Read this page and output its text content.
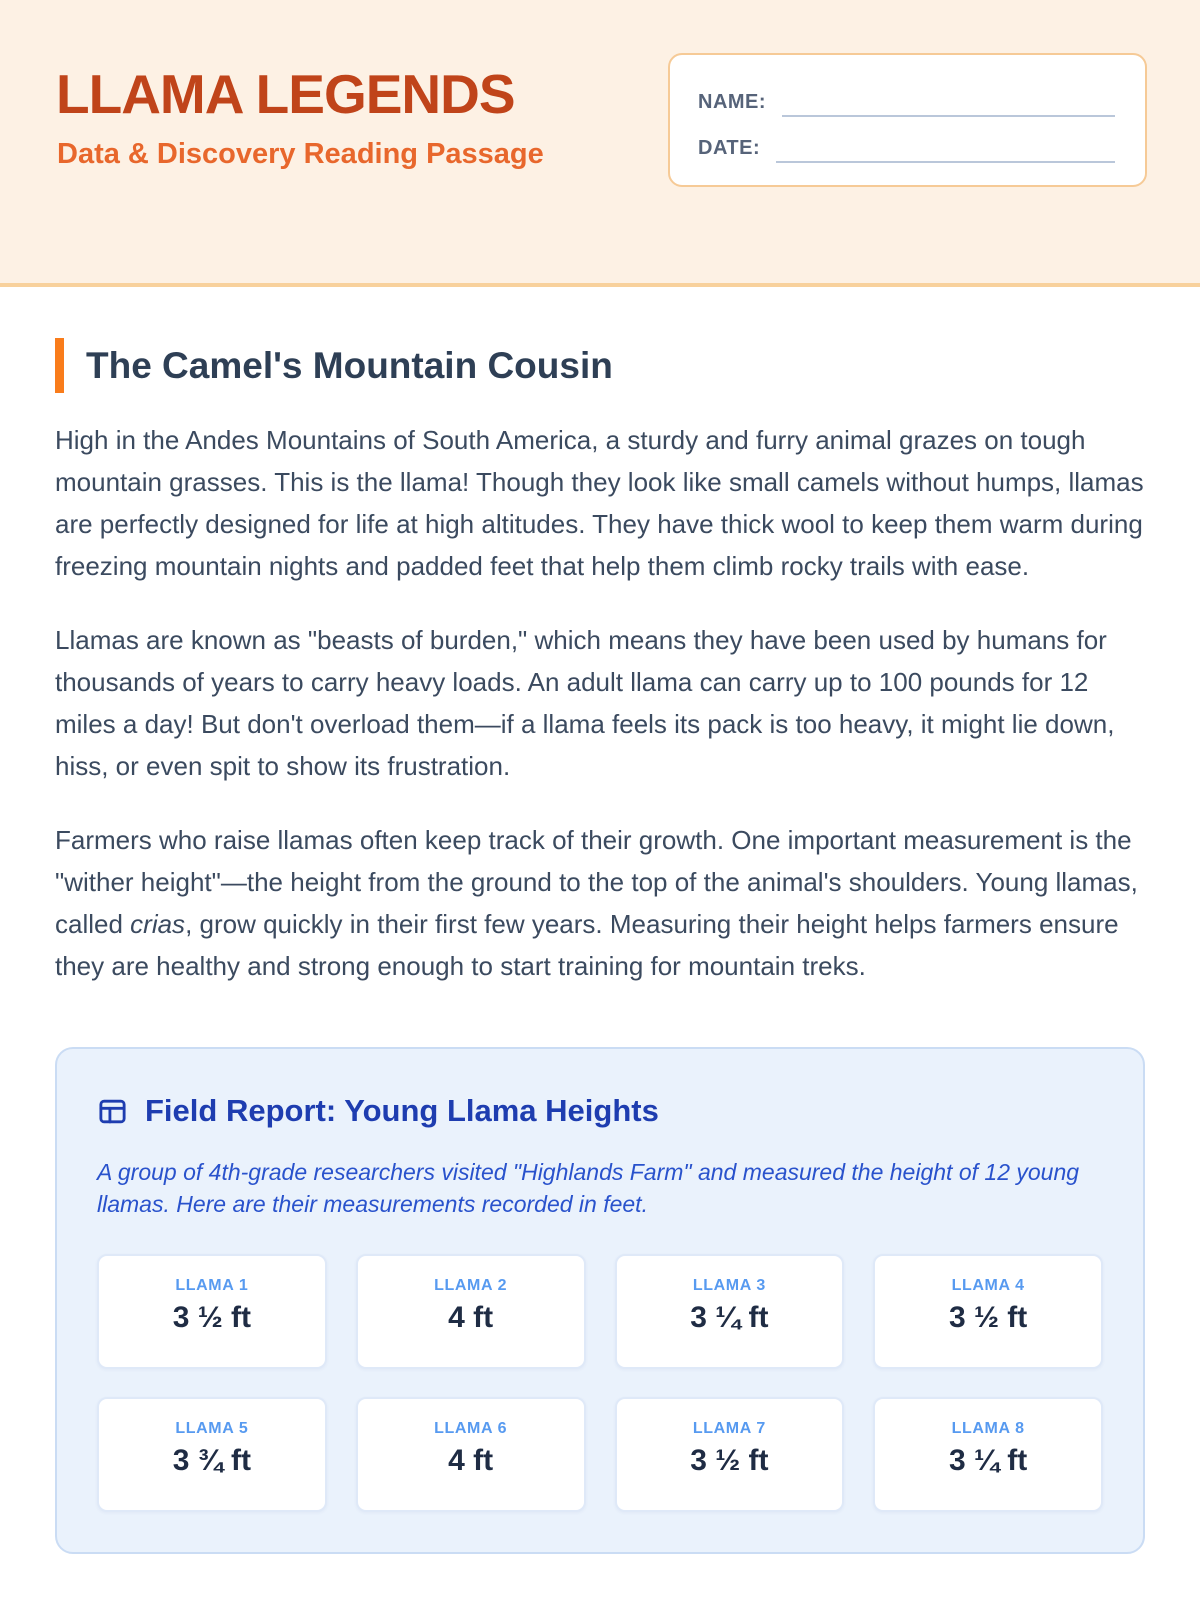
LLAMA LEGENDS
Data & Discovery Reading Passage
NAME:
DATE:
The Camel's Mountain Cousin

High in the Andes Mountains of South America, a sturdy and furry animal grazes on tough mountain grasses. This is the llama! Though they look like small camels without humps, llamas are perfectly designed for life at high altitudes. They have thick wool to keep them warm during freezing mountain nights and padded feet that help them climb rocky trails with ease.

Llamas are known as "beasts of burden," which means they have been used by humans for thousands of years to carry heavy loads. An adult llama can carry up to 100 pounds for 12 miles a day! But don't overload them—if a llama feels its pack is too heavy, it might lie down, hiss, or even spit to show its frustration.

Farmers who raise llamas often keep track of their growth. One important measurement is the "wither height"—the height from the ground to the top of the animal's shoulders. Young llamas, called crias, grow quickly in their first few years. Measuring their height helps farmers ensure they are healthy and strong enough to start training for mountain treks.

Field Report: Young Llama Heights
A group of 4th-grade researchers visited "Highlands Farm" and measured the height of 12 young llamas. Here are their measurements recorded in feet.
LLAMA 1
3 ½ ft
LLAMA 2
4 ft
LLAMA 3
3 ¼ ft
LLAMA 4
3 ½ ft
LLAMA 5
3 ¾ ft
LLAMA 6
4 ft
LLAMA 7
3 ½ ft
LLAMA 8
3 ¼ ft
